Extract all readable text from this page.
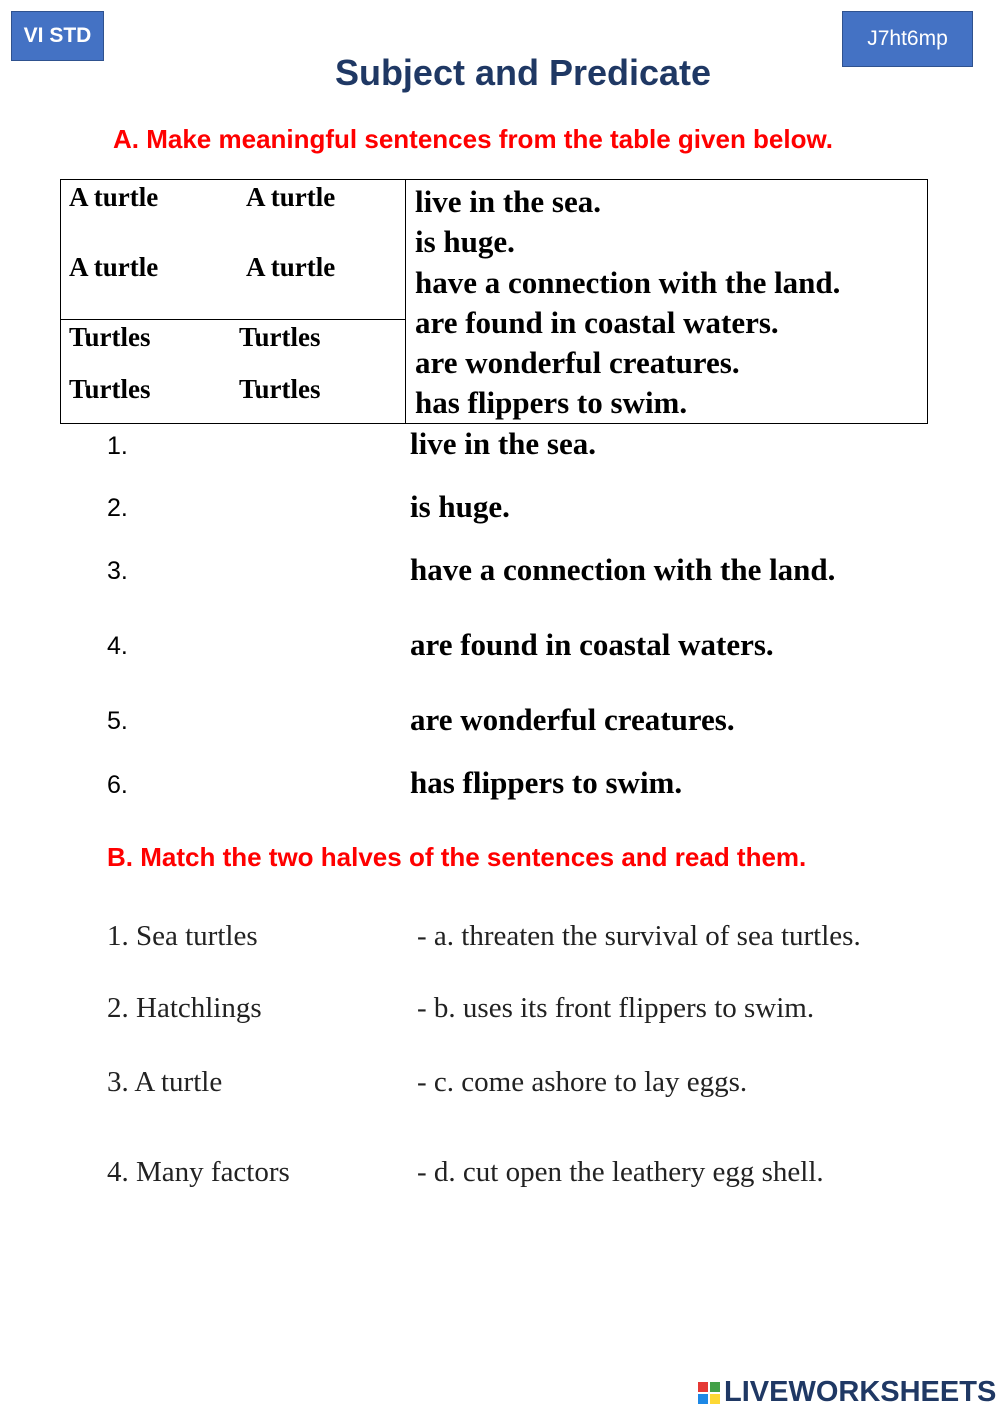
VI STD	J7ht6mp
Subject and Predicate
A. Make meaningful sentences from the table given below.
A turtle	A turtle
A turtle	A turtle
Turtles	Turtles
Turtles	Turtles
live in the sea.
is huge.
have a connection with the land.
are found in coastal waters.
are wonderful creatures.
has flippers to swim.
1.	live in the sea.
2.	is huge.
3.	have a connection with the land.
4.	are found in coastal waters.
5.	are wonderful creatures.
6.	has flippers to swim.
B. Match the two halves of the sentences and read them.
1. Sea turtles	- a. threaten the survival of sea turtles.
2. Hatchlings	- b. uses its front flippers to swim.
3. A turtle	- c. come ashore to lay eggs.
4. Many factors	- d. cut open the leathery egg shell.
LIVEWORKSHEETS
